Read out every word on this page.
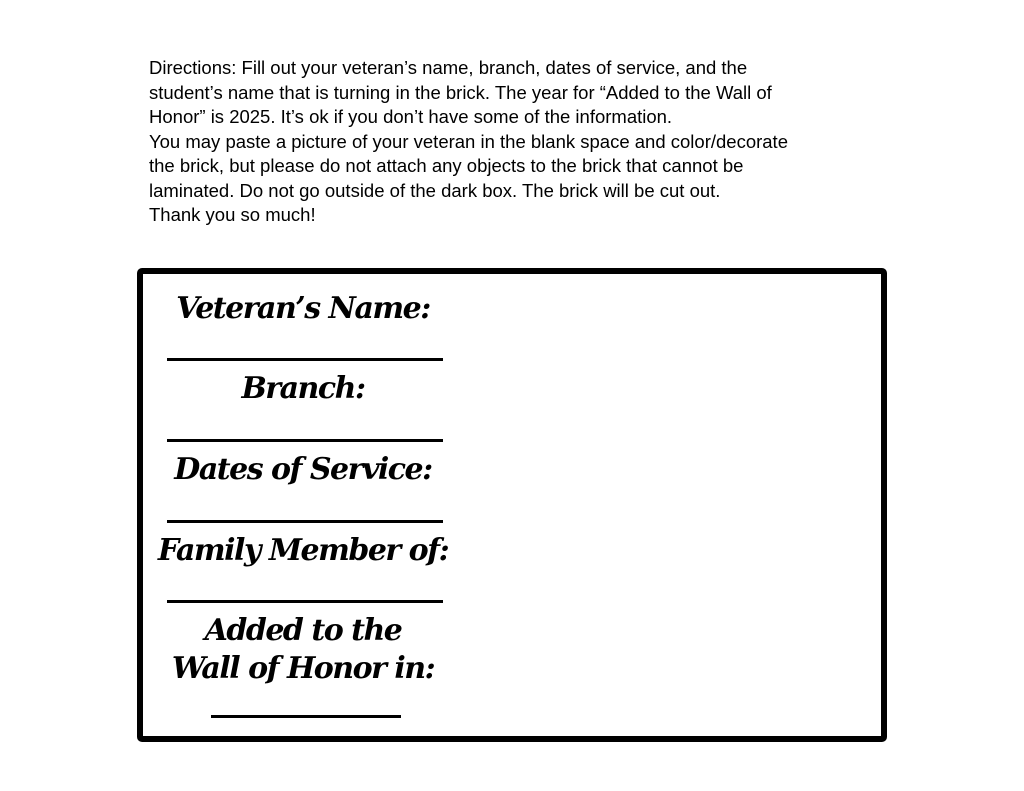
Directions: Fill out your veteran’s name, branch, dates of service, and the
student’s name that is turning in the brick. The year for “Added to the Wall of
Honor” is 2025. It’s ok if you don’t have some of the information.
You may paste a picture of your veteran in the blank space and color/decorate
the brick, but please do not attach any objects to the brick that cannot be
laminated. Do not go outside of the dark box. The brick will be cut out.
Thank you so much!
Veteran’s Name:
Branch:
Dates of Service:
Family Member of:
Added to the
Wall of Honor in:
